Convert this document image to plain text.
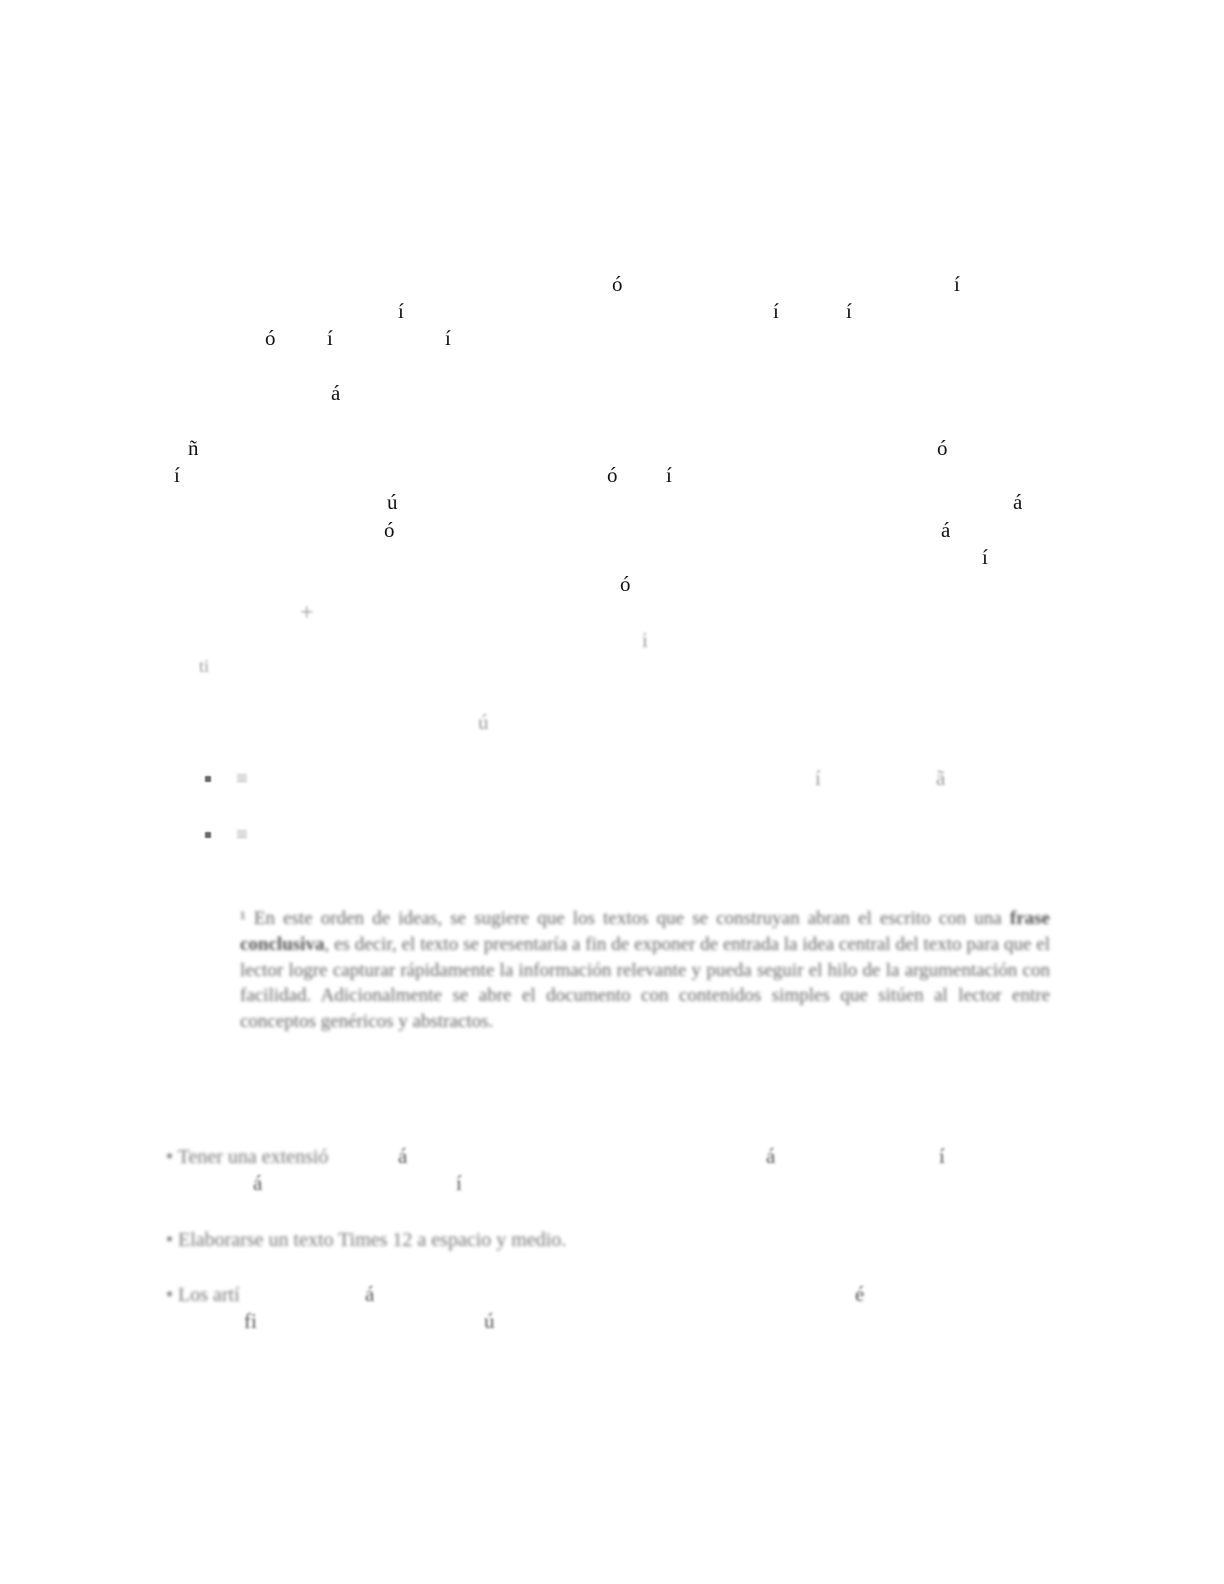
ó	í
í	í	í
ó í	í
á
ñ	ó
í	ó í
ú	á
ó	á
í
ó
+
i
ti
ú
≡	í	ã
≡
¹ En este orden de ideas, se sugiere que los textos que se construyan abran el escrito con una frase conclusiva, es decir, el texto se presentaría a fin de exponer de entrada la idea central del texto para que el lector logre capturar rápidamente la información relevante y pueda seguir el hilo de la argumentación con facilidad. Adicionalmente se abre el documento con contenidos simples que sitúen al lector entre conceptos genéricos y abstractos.
• Tener una extensió	á	á	í
á	í
• Elaborarse un texto Times 12 a espacio y medio.
• Los artí	á	é
fi	ú
